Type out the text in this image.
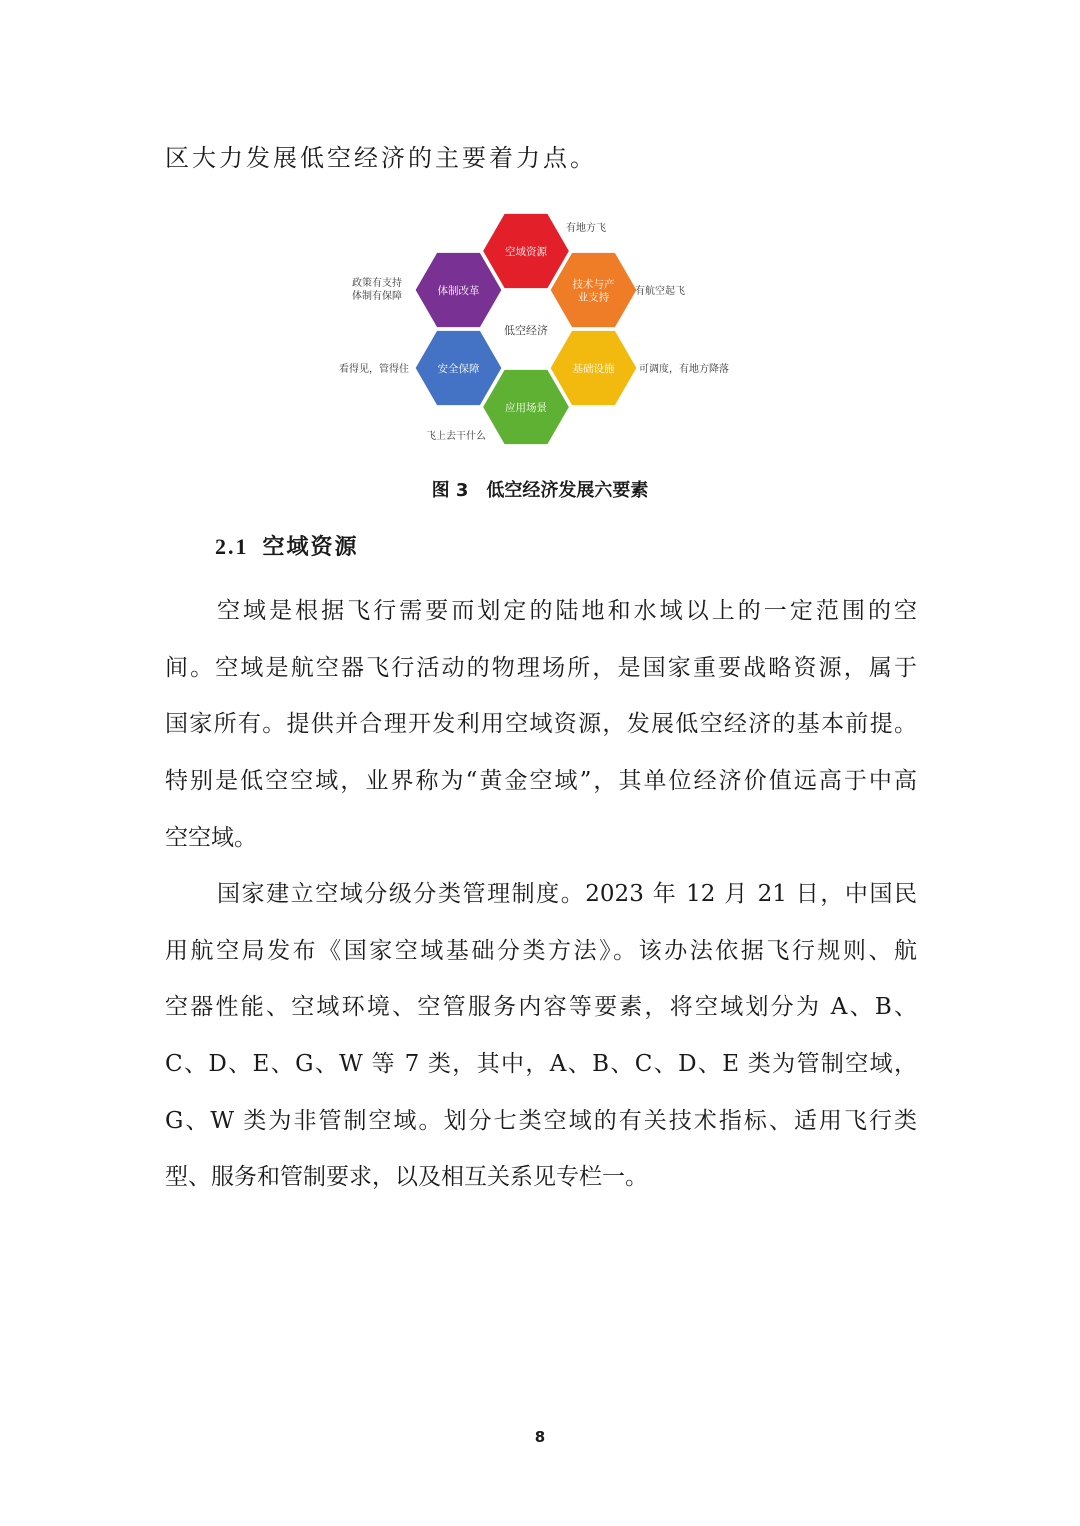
区大力发展低空经济的主要着力点。
空域资源
技术与产
业支持
基础设施
应用场景
安全保障
体制改革
低空经济
有地方飞
有航空起飞
可调度，有地方降落
飞上去干什么
看得见，管得住
政策有支持
体制有保障
图 3 低空经济发展六要素
2.1 空域资源
空域是根据飞行需要而划定的陆地和水域以上的一定范围的空
间。空域是航空器飞行活动的物理场所，是国家重要战略资源，属于
国家所有。提供并合理开发利用空域资源，发展低空经济的基本前提。
特别是低空空域，业界称为“黄金空域”，其单位经济价值远高于中高
空空域。
国家建立空域分级分类管理制度。2023 年 12 月 21 日，中国民
用航空局发布《国家空域基础分类方法》。该办法依据飞行规则、航
空器性能、空域环境、空管服务内容等要素，将空域划分为 A、B、
C、D、E、G、W 等 7 类，其中，A、B、C、D、E 类为管制空域，
G、W 类为非管制空域。划分七类空域的有关技术指标、适用飞行类
型、服务和管制要求，以及相互关系见专栏一。
8
